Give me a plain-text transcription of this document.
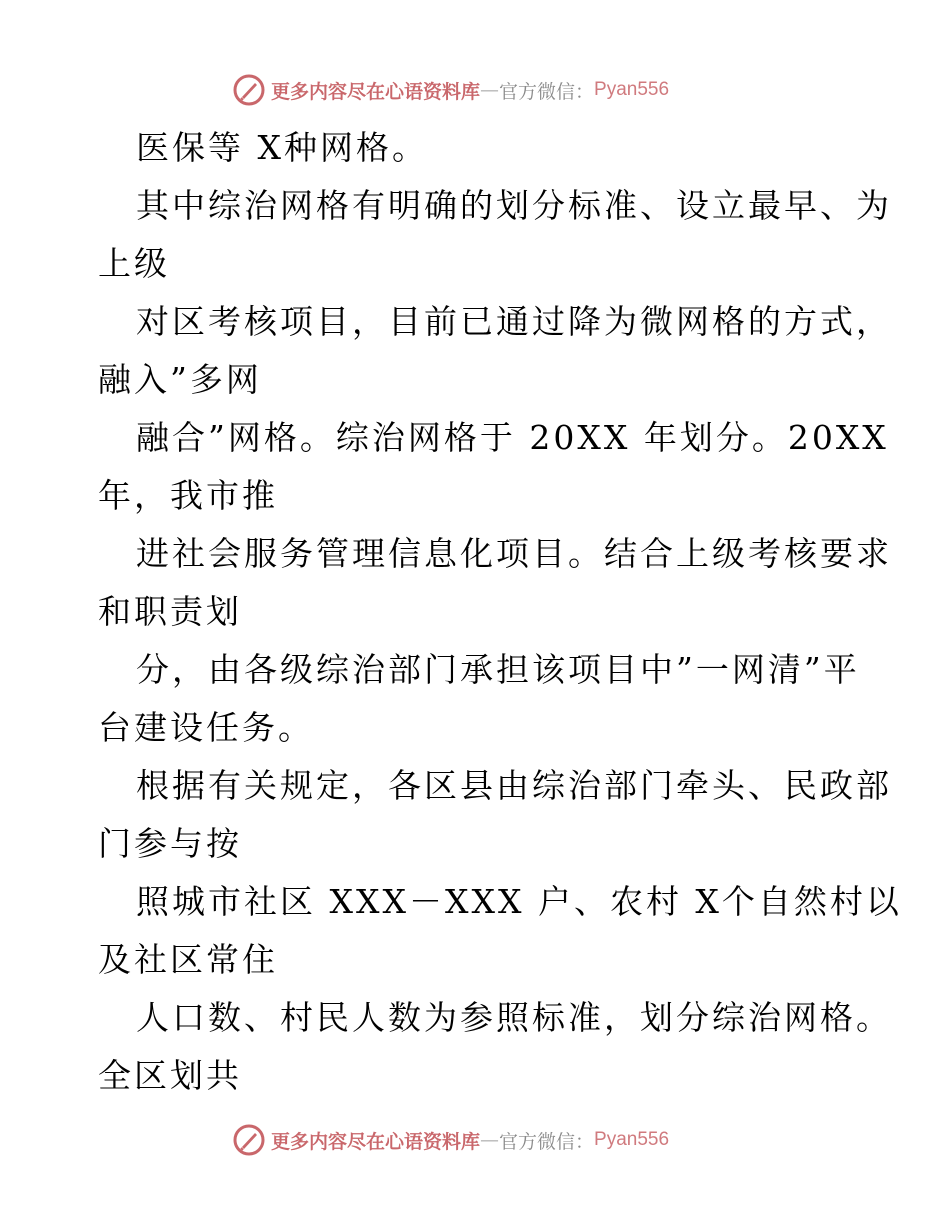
更多内容尽在心语资料库 — 官方微信： Pyan556
医保等 X种网格。
其中综治网格有明确的划分标准、设立最早、为
上级
对区考核项目，目前已通过降为微网格的方式，
融入”多网
融合”网格。综治网格于 20XX 年划分。20XX
年，我市推
进社会服务管理信息化项目。结合上级考核要求
和职责划
分，由各级综治部门承担该项目中”一网清”平
台建设任务。
根据有关规定，各区县由综治部门牵头、民政部
门参与按
照城市社区 XXX－XXX 户、农村 X个自然村以
及社区常住
人口数、村民人数为参照标准，划分综治网格。
全区划共
更多内容尽在心语资料库 — 官方微信： Pyan556
